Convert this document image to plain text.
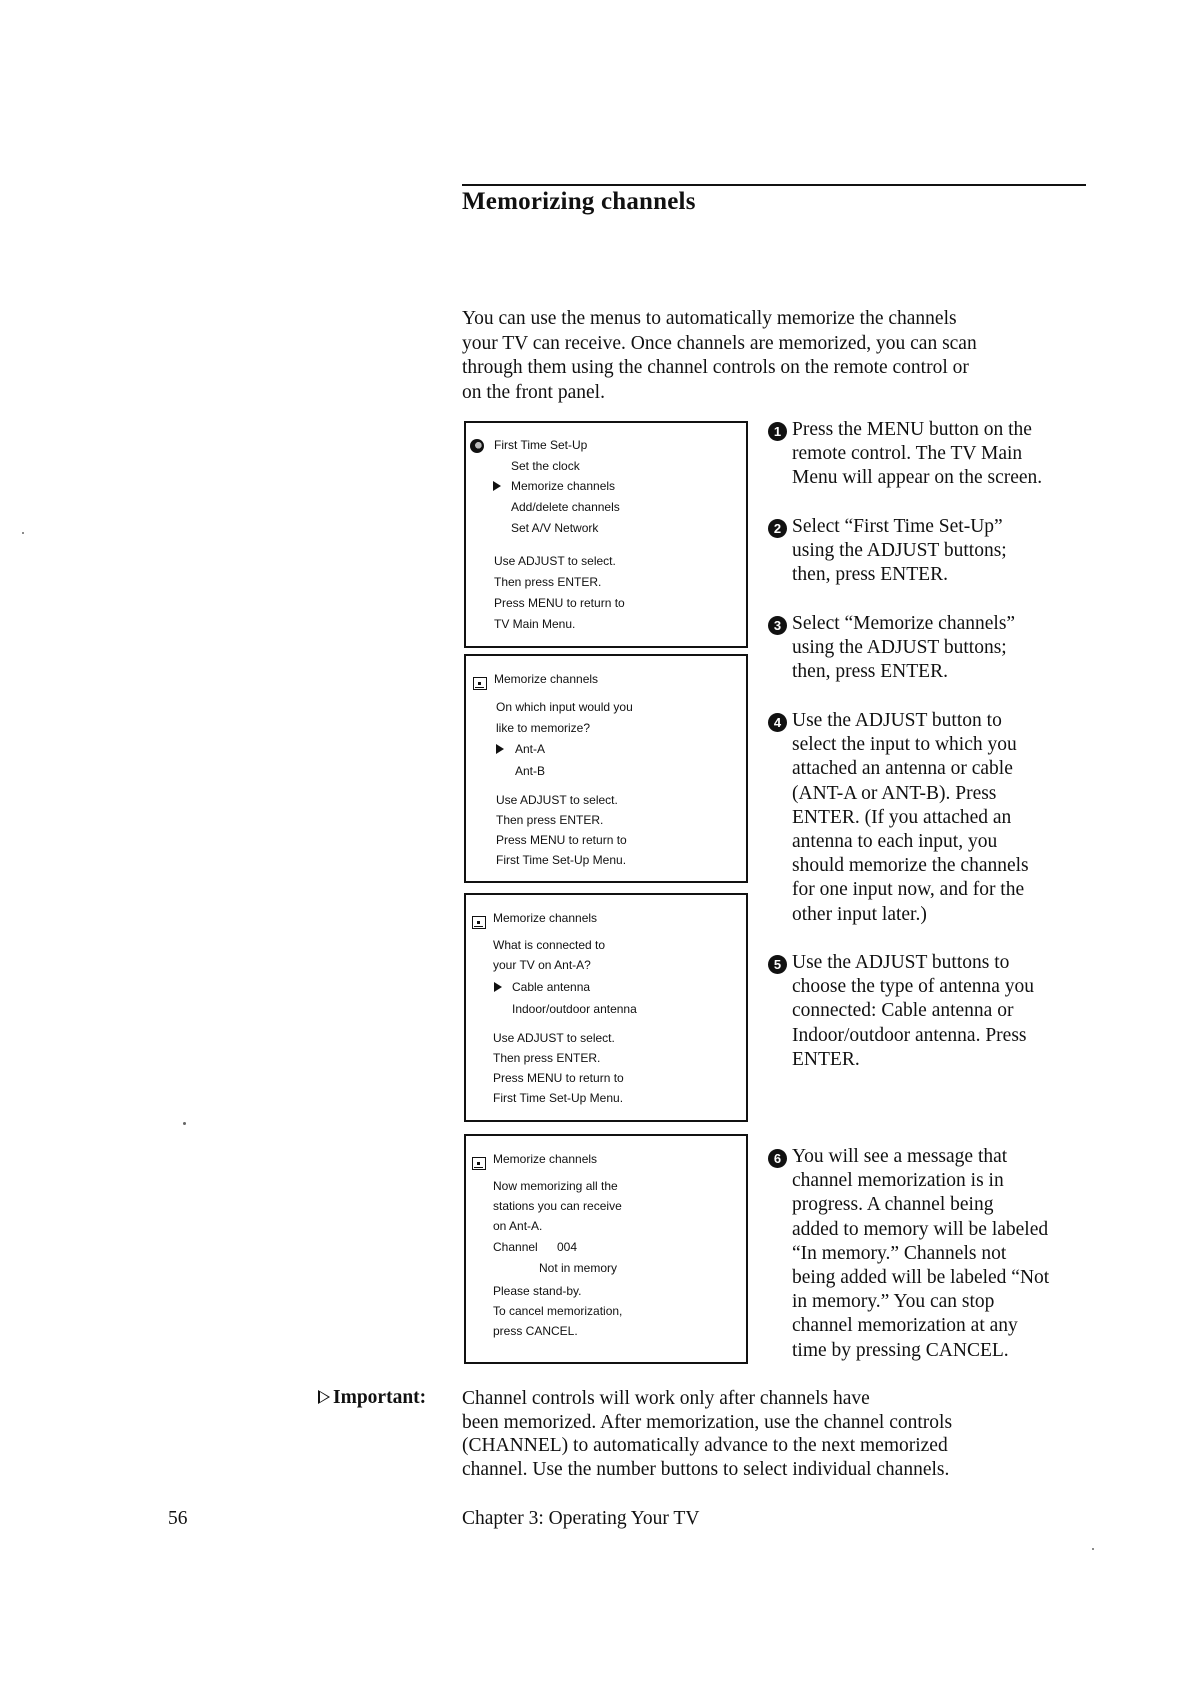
Memorizing channels
You can use the menus to automatically memorize the channels
your TV can receive. Once channels are memorized, you can scan
through them using the channel controls on the remote control or
on the front panel.
First Time Set-Up
Set the clock
Memorize channels
Add/delete channels
Set A/V Network
Use ADJUST to select.
Then press ENTER.
Press MENU to return to
TV Main Menu.
Memorize channels
On which input would you
like to memorize?
Ant-A
Ant-B
Use ADJUST to select.
Then press ENTER.
Press MENU to return to
First Time Set-Up Menu.
Memorize channels
What is connected to
your TV on Ant-A?
Cable antenna
Indoor/outdoor antenna
Use ADJUST to select.
Then press ENTER.
Press MENU to return to
First Time Set-Up Menu.
Memorize channels
Now memorizing all the
stations you can receive
on Ant-A.
Channel 004
Not in memory
Please stand-by.
To cancel memorization,
press CANCEL.
1 Press the MENU button on the
remote control. The TV Main
Menu will appear on the screen.
2 Select “First Time Set-Up”
using the ADJUST buttons;
then, press ENTER.
3 Select “Memorize channels”
using the ADJUST buttons;
then, press ENTER.
4 Use the ADJUST button to
select the input to which you
attached an antenna or cable
(ANT-A or ANT-B). Press
ENTER. (If you attached an
antenna to each input, you
should memorize the channels
for one input now, and for the
other input later.)
5 Use the ADJUST buttons to
choose the type of antenna you
connected: Cable antenna or
Indoor/outdoor antenna. Press
ENTER.
6 You will see a message that
channel memorization is in
progress. A channel being
added to memory will be labeled
“In memory.” Channels not
being added will be labeled “Not
in memory.” You can stop
channel memorization at any
time by pressing CANCEL.
Important: Channel controls will work only after channels have
been memorized. After memorization, use the channel controls
(CHANNEL) to automatically advance to the next memorized
channel. Use the number buttons to select individual channels.
56	Chapter 3: Operating Your TV
